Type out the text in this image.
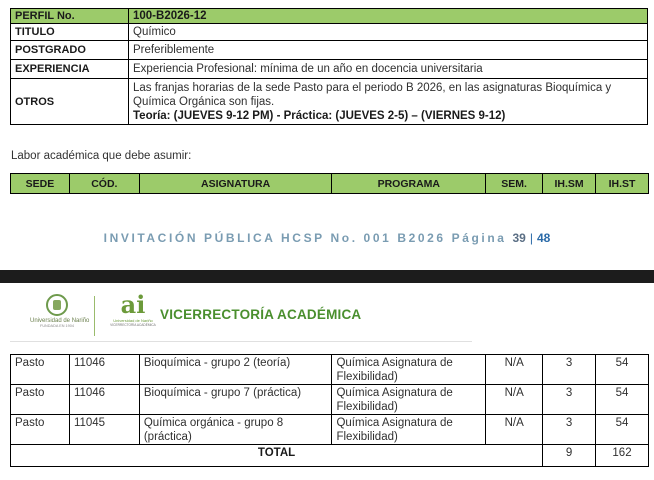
PERFIL No.	100-B2026-12
TITULO	Químico
POSTGRADO	Preferiblemente
EXPERIENCIA	Experiencia Profesional: mínima de un año en docencia universitaria
OTROS	Las franjas horarias de la sede Pasto para el periodo B 2026, en las asignaturas Bioquímica y Química Orgánica son fijas.
Teoría: (JUEVES 9-12 PM) - Práctica: (JUEVES 2-5) – (VIERNES 9-12)
Labor académica que debe asumir:
SEDE	CÓD.	ASIGNATURA	PROGRAMA	SEM.	IH.SM	IH.ST
INVITACIÓN PÚBLICA HCSP No. 001 B2026 Página 39 | 48
Universidad de Nariño
FUNDADA EN 1904
ai
Universidad de Nariño
VICERRECTORÍA ACADÉMICA
VICERRECTORÍA ACADÉMICA
Pasto	11046	Bioquímica - grupo 2 (teoría)	Química Asignatura de Flexibilidad)	N/A	3	54
Pasto	11046	Bioquímica - grupo 7 (práctica)	Química Asignatura de Flexibilidad)	N/A	3	54
Pasto	11045	Química orgánica - grupo 8 (práctica)	Química Asignatura de Flexibilidad)	N/A	3	54
TOTAL					9	162
